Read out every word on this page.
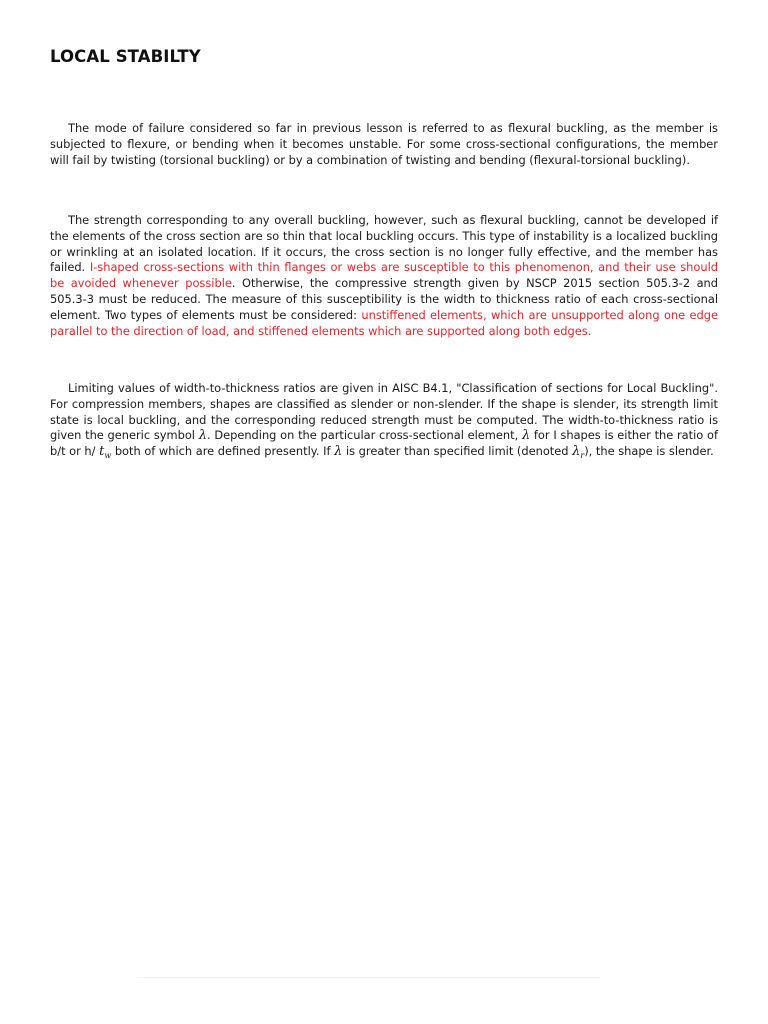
LOCAL STABILTY

The mode of failure considered so far in previous lesson is referred to as flexural buckling, as the member is subjected to flexure, or bending when it becomes unstable. For some cross-sectional configurations, the member will fail by twisting (torsional buckling) or by a combination of twisting and bending (flexural-torsional buckling).

The strength corresponding to any overall buckling, however, such as flexural buckling, cannot be developed if the elements of the cross section are so thin that local buckling occurs. This type of instability is a localized buckling or wrinkling at an isolated location. If it occurs, the cross section is no longer fully effective, and the member has failed. I-shaped cross-sections with thin flanges or webs are susceptible to this phenomenon, and their use should be avoided whenever possible. Otherwise, the compressive strength given by NSCP 2015 section 505.3-2 and 505.3-3 must be reduced. The measure of this susceptibility is the width to thickness ratio of each cross-sectional element. Two types of elements must be considered: unstiffened elements, which are unsupported along one edge parallel to the direction of load, and stiffened elements which are supported along both edges.

Limiting values of width-to-thickness ratios are given in AISC B4.1, "Classification of sections for Local Buckling". For compression members, shapes are classified as slender or non-slender. If the shape is slender, its strength limit state is local buckling, and the corresponding reduced strength must be computed. The width-to-thickness ratio is given the generic symbol λ. Depending on the particular cross-sectional element, λ for I shapes is either the ratio of b/t or h/ $t_w$ both of which are defined presently. If λ is greater than specified limit (denoted $\lambda_r$), the shape is slender.
